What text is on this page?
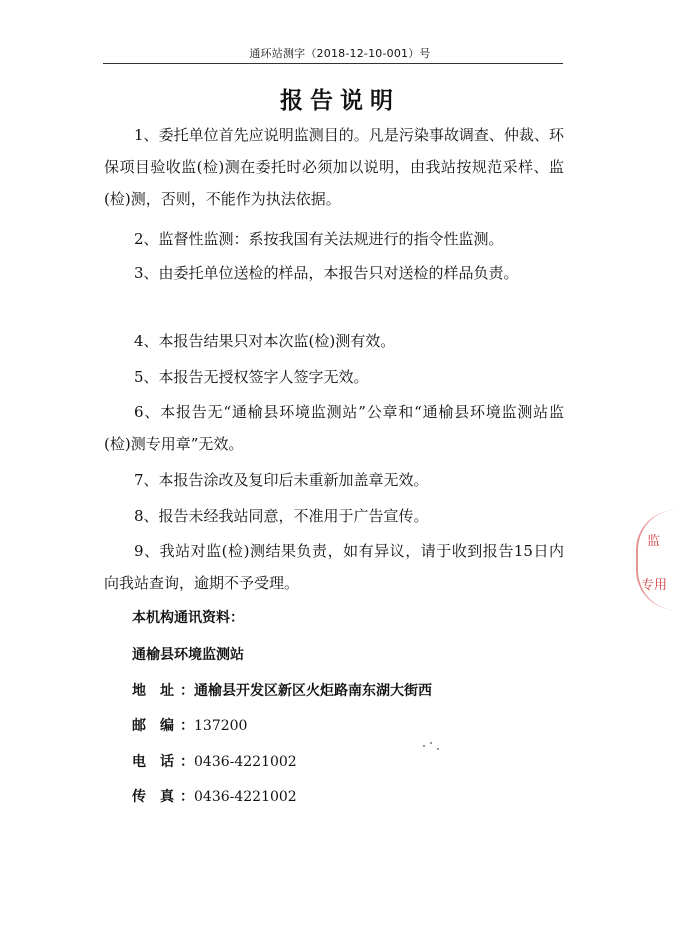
通环站测字（2018-12-10-001）号
报告说明

1、委托单位首先应说明监测目的。凡是污染事故调查、仲裁、环保项目验收监(检)测在委托时必须加以说明，由我站按规范采样、监(检)测，否则，不能作为执法依据。

2、监督性监测：系按我国有关法规进行的指令性监测。

3、由委托单位送检的样品，本报告只对送检的样品负责。

4、本报告结果只对本次监(检)测有效。

5、本报告无授权签字人签字无效。

6、本报告无“通榆县环境监测站”公章和“通榆县环境监测站监(检)测专用章”无效。

7、本报告涂改及复印后未重新加盖章无效。

8、报告未经我站同意，不准用于广告宣传。

9、我站对监(检)测结果负责，如有异议，请于收到报告15日内向我站查询，逾期不予受理。

本机构通讯资料：
通榆县环境监测站
地　址 ：通榆县开发区新区火炬路南东湖大街西
邮　编 ：137200
电　话 ：0436-4221002
传　真 ：0436-4221002
监
专用
